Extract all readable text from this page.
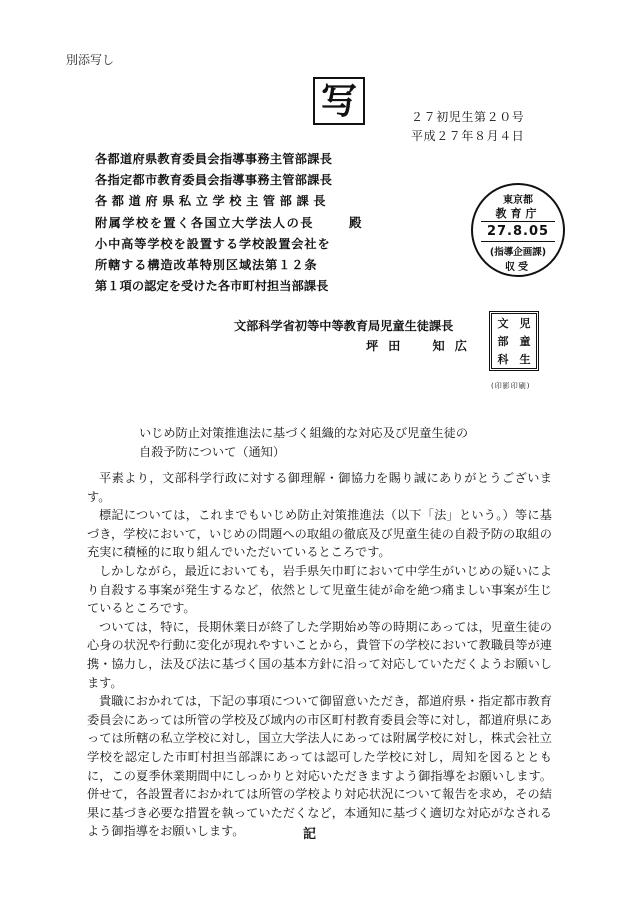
別添写し
写	２７初児生第２０号
平成２７年８月４日
各都道府県教育委員会指導事務主管部課長
各指定都市教育委員会指導事務主管部課長
各都道府県私立学校主管部課長
附属学校を置く各国立大学法人の長
小中高等学校を設置する学校設置会社を
所轄する構造改革特別区域法第１２条
第１項の認定を受けた各市町村担当部課長
殿
東京都
教育庁
27.8.05
(指導企画課)
収受
文部科学省初等中等教育局児童生徒課長
坪田　知広
文	児
部	童
科	生
(印影印刷)
いじめ防止対策推進法に基づく組織的な対応及び児童生徒の
自殺予防について（通知）

平素より，文部科学行政に対する御理解・御協力を賜り誠にありがとうございます。

標記については，これまでもいじめ防止対策推進法（以下「法」という。）等に基づき，学校において，いじめの問題への取組の徹底及び児童生徒の自殺予防の取組の充実に積極的に取り組んでいただいているところです。

しかしながら，最近においても，岩手県矢巾町において中学生がいじめの疑いにより自殺する事案が発生するなど，依然として児童生徒が命を絶つ痛ましい事案が生じているところです。

ついては，特に，長期休業日が終了した学期始め等の時期にあっては，児童生徒の心身の状況や行動に変化が現れやすいことから，貴管下の学校において教職員等が連携・協力し，法及び法に基づく国の基本方針に沿って対応していただくようお願いします。

貴職におかれては，下記の事項について御留意いただき，都道府県・指定都市教育委員会にあっては所管の学校及び域内の市区町村教育委員会等に対し，都道府県にあっては所轄の私立学校に対し，国立大学法人にあっては附属学校に対し，株式会社立学校を認定した市町村担当部課にあっては認可した学校に対し，周知を図るとともに，この夏季休業期間中にしっかりと対応いただきますよう御指導をお願いします。併せて，各設置者におかれては所管の学校より対応状況について報告を求め，その結果に基づき必要な措置を執っていただくなど，本通知に基づく適切な対応がなされるよう御指導をお願いします。	記
